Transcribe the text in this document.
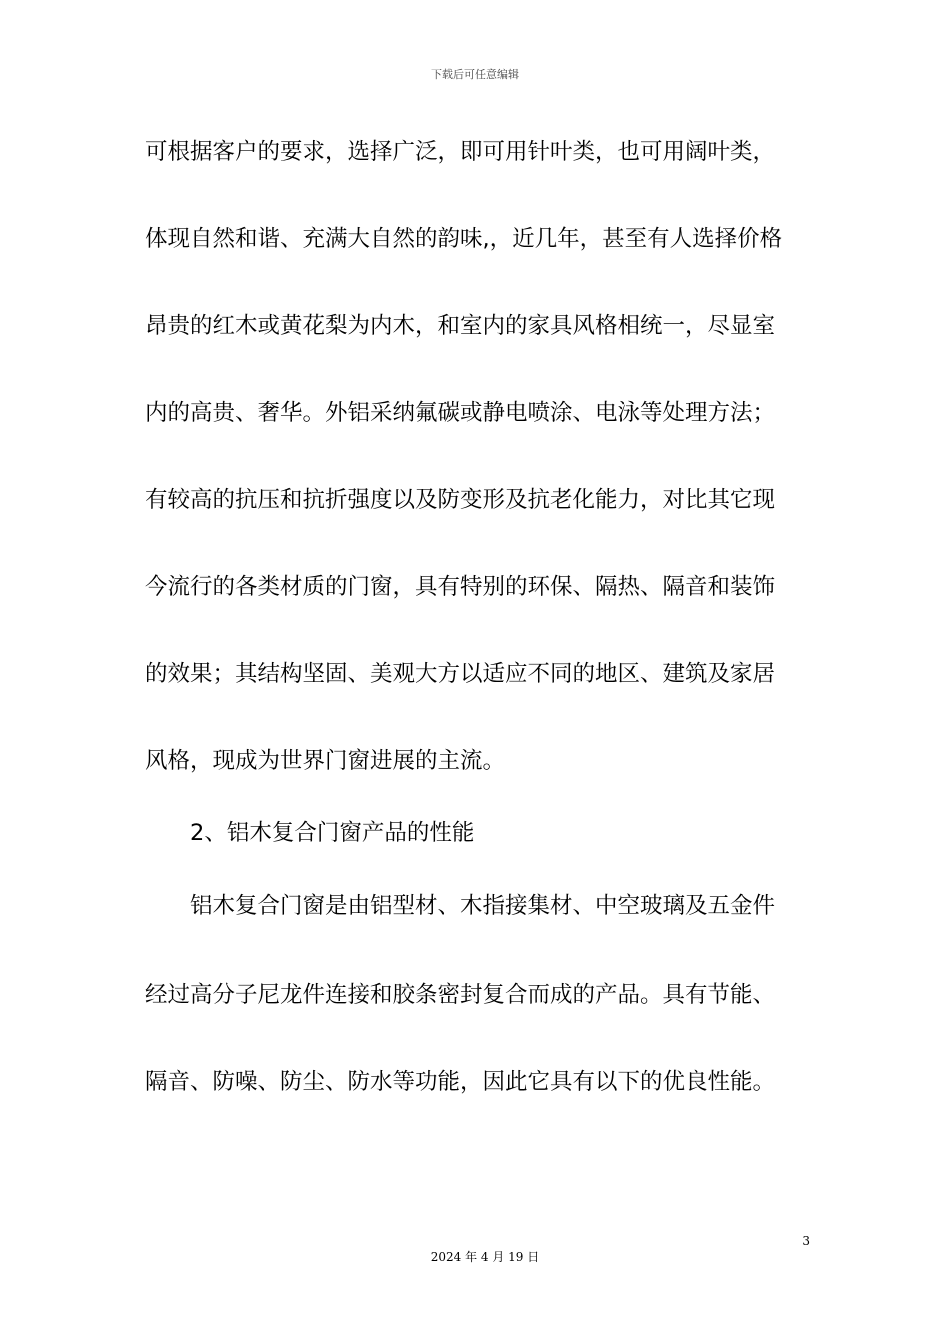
下载后可任意编辑
可根据客户的要求，选择广泛，即可用针叶类，也可用阔叶类，
体现自然和谐、充满大自然的韵味,，近几年，甚至有人选择价格
昂贵的红木或黄花梨为内木，和室内的家具风格相统一，尽显室
内的高贵、奢华。外铝采纳氟碳或静电喷涂、电泳等处理方法；
有较高的抗压和抗折强度以及防变形及抗老化能力，对比其它现
今流行的各类材质的门窗，具有特别的环保、隔热、隔音和装饰
的效果；其结构坚固、美观大方以适应不同的地区、建筑及家居
风格，现成为世界门窗进展的主流。
2、铝木复合门窗产品的性能
铝木复合门窗是由铝型材、木指接集材、中空玻璃及五金件
经过高分子尼龙件连接和胶条密封复合而成的产品。具有节能、
隔音、防噪、防尘、防水等功能，因此它具有以下的优良性能。
3
2024 年 4 月 19 日
